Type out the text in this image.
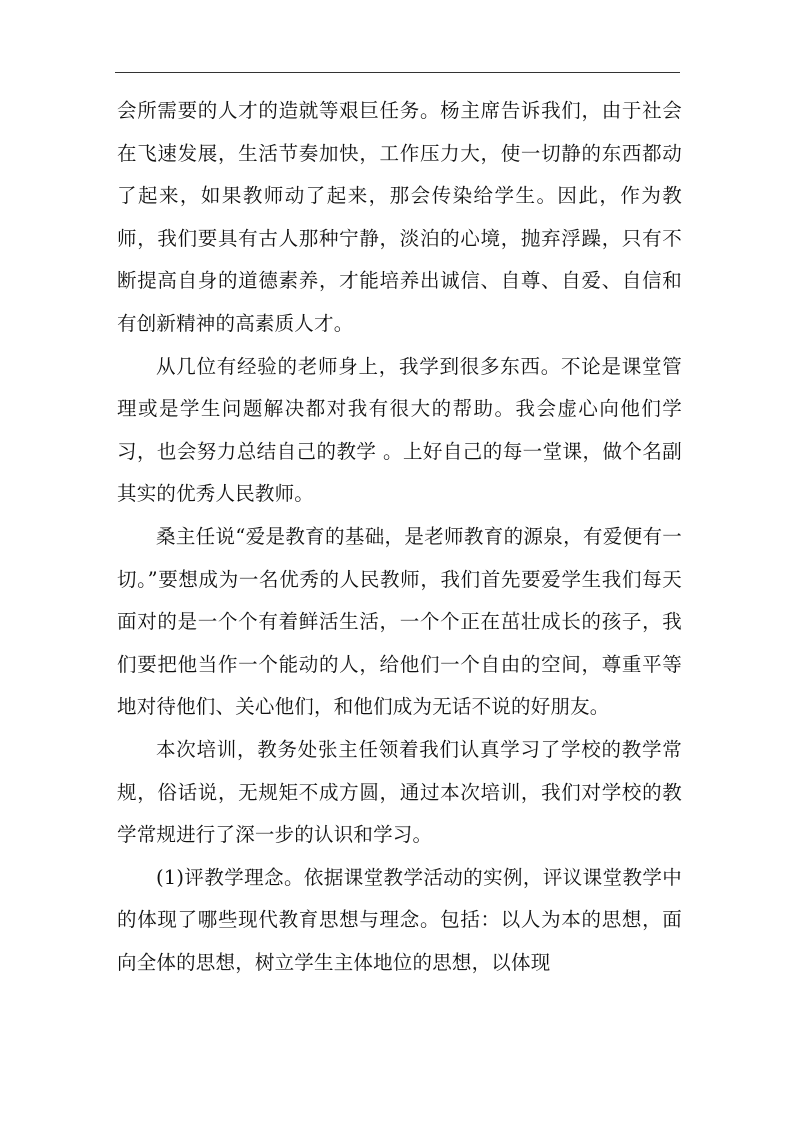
会所需要的人才的造就等艰巨任务。杨主席告诉我们，由于社会在飞速发展，生活节奏加快，工作压力大，使一切静的东西都动了起来，如果教师动了起来，那会传染给学生。因此，作为教师，我们要具有古人那种宁静，淡泊的心境，抛弃浮躁，只有不断提高自身的道德素养，才能培养出诚信、自尊、自爱、自信和有创新精神的高素质人才。

从几位有经验的老师身上，我学到很多东西。不论是课堂管理或是学生问题解决都对我有很大的帮助。我会虚心向他们学习，也会努力总结自己的教学 。上好自己的每一堂课，做个名副其实的优秀人民教师。

桑主任说“爱是教育的基础，是老师教育的源泉，有爱便有一切。”要想成为一名优秀的人民教师，我们首先要爱学生我们每天面对的是一个个有着鲜活生活，一个个正在茁壮成长的孩子，我们要把他当作一个能动的人，给他们一个自由的空间，尊重平等地对待他们、关心他们，和他们成为无话不说的好朋友。

本次培训，教务处张主任领着我们认真学习了学校的教学常规，俗话说，无规矩不成方圆，通过本次培训，我们对学校的教学常规进行了深一步的认识和学习。

(1)评教学理念。依据课堂教学活动的实例，评议课堂教学中的体现了哪些现代教育思想与理念。包括：以人为本的思想，面向全体的思想，树立学生主体地位的思想，以体现
